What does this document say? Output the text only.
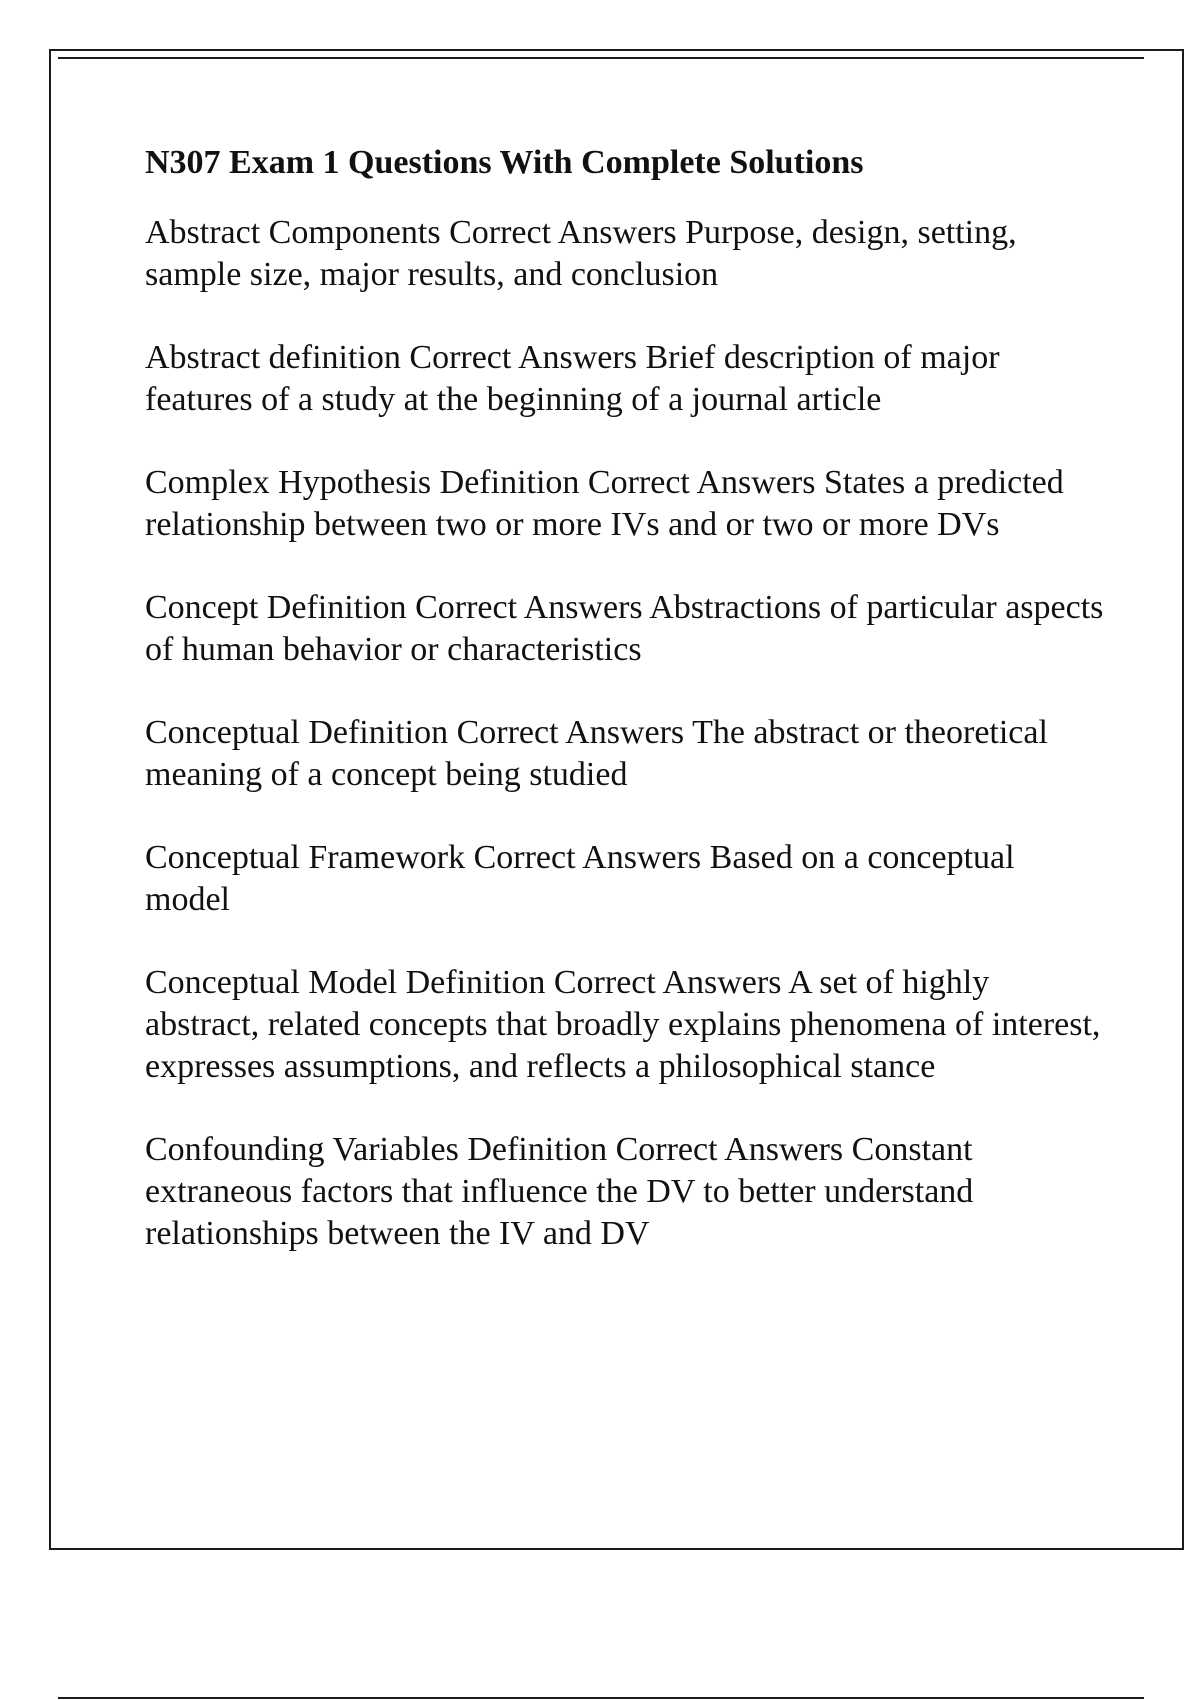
N307 Exam 1 Questions With Complete Solutions
Abstract Components Correct Answers Purpose, design, setting, sample size, major results, and conclusion
Abstract definition Correct Answers Brief description of major features of a study at the beginning of a journal article
Complex Hypothesis Definition Correct Answers States a predicted relationship between two or more IVs and or two or more DVs
Concept Definition Correct Answers Abstractions of particular aspects of human behavior or characteristics
Conceptual Definition Correct Answers The abstract or theoretical meaning of a concept being studied
Conceptual Framework Correct Answers Based on a conceptual model
Conceptual Model Definition Correct Answers A set of highly abstract, related concepts that broadly explains phenomena of interest, expresses assumptions, and reflects a philosophical stance
Confounding Variables Definition Correct Answers Constant extraneous factors that influence the DV to better understand relationships between the IV and DV
